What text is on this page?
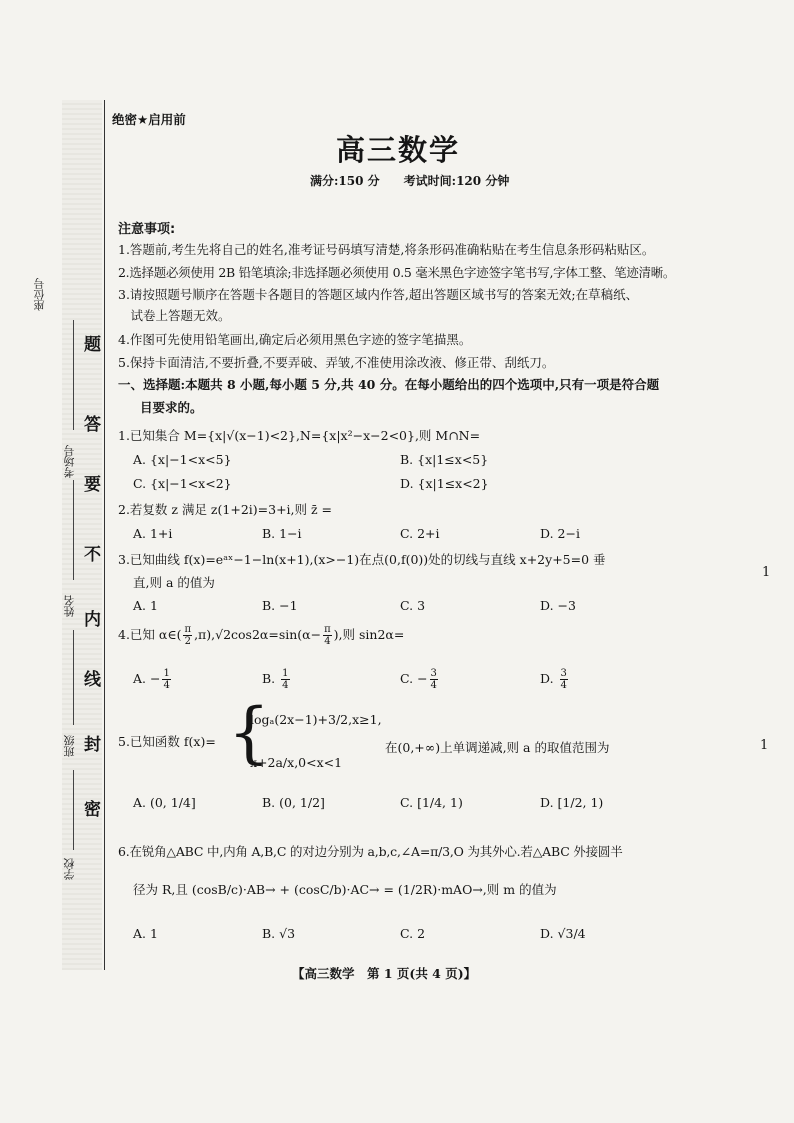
座位号
考场号
姓名
班级
学校
题
答
要
不
内
线
封
密
绝密★启用前
高三数学
满分:150 分　　考试时间:120 分钟
注意事项:
1.答题前,考生先将自己的姓名,准考证号码填写清楚,将条形码准确粘贴在考生信息条形码粘贴区。
2.选择题必须使用 2B 铅笔填涂;非选择题必须使用 0.5 毫米黑色字迹签字笔书写,字体工整、笔迹清晰。
3.请按照题号顺序在答题卡各题目的答题区域内作答,超出答题区域书写的答案无效;在草稿纸、
　试卷上答题无效。
4.作图可先使用铅笔画出,确定后必须用黑色字迹的签字笔描黑。
5.保持卡面清洁,不要折叠,不要弄破、弄皱,不准使用涂改液、修正带、刮纸刀。
一、选择题:本题共 8 小题,每小题 5 分,共 40 分。在每小题给出的四个选项中,只有一项是符合题
目要求的。
1.已知集合 M={x|√(x−1)<2},N={x|x²−x−2<0},则 M∩N=
A. {x|−1<x<5}	B. {x|1≤x<5}
C. {x|−1<x<2}	D. {x|1≤x<2}
2.若复数 z 满足 z(1+2i)=3+i,则 z̄ =
A. 1+i	B. 1−i	C. 2+i	D. 2−i
3.已知曲线 f(x)=eᵃˣ−1−ln(x+1),(x>−1)在点(0,f(0))处的切线与直线 x+2y+5=0 垂
直,则 a 的值为
A. 1	B. −1	C. 3	D. −3
4.已知 α∈( $\frac{\pi}{2} ,\pi),√2\cos 2\alpha=\sin(\alpha- \frac{\pi}{4}$ ),则 sin2α=
A. − $\frac{1}{4}$	B. $\frac{1}{4}$	C. − $\frac{3}{4}$	D. $\frac{3}{4}$
5.已知函数 f(x)= {
logₐ(2x−1)+3/2,x≥1,
x+2a/x,0<x<1
在(0,+∞)上单调递减,则 a 的取值范围为
A. (0, 1/4]	B. (0, 1/2]	C. [1/4, 1)	D. [1/2, 1)
6.在锐角△ABC 中,内角 A,B,C 的对边分别为 a,b,c,∠A=π/3,O 为其外心.若△ABC 外接圆半
径为 R,且 (cosB/c)·AB→ + (cosC/b)·AC→ = (1/2R)·mAO→,则 m 的值为
A. 1	B. √3	C. 2	D. √3/4
【高三数学　第 1 页(共 4 页)】
1
1
